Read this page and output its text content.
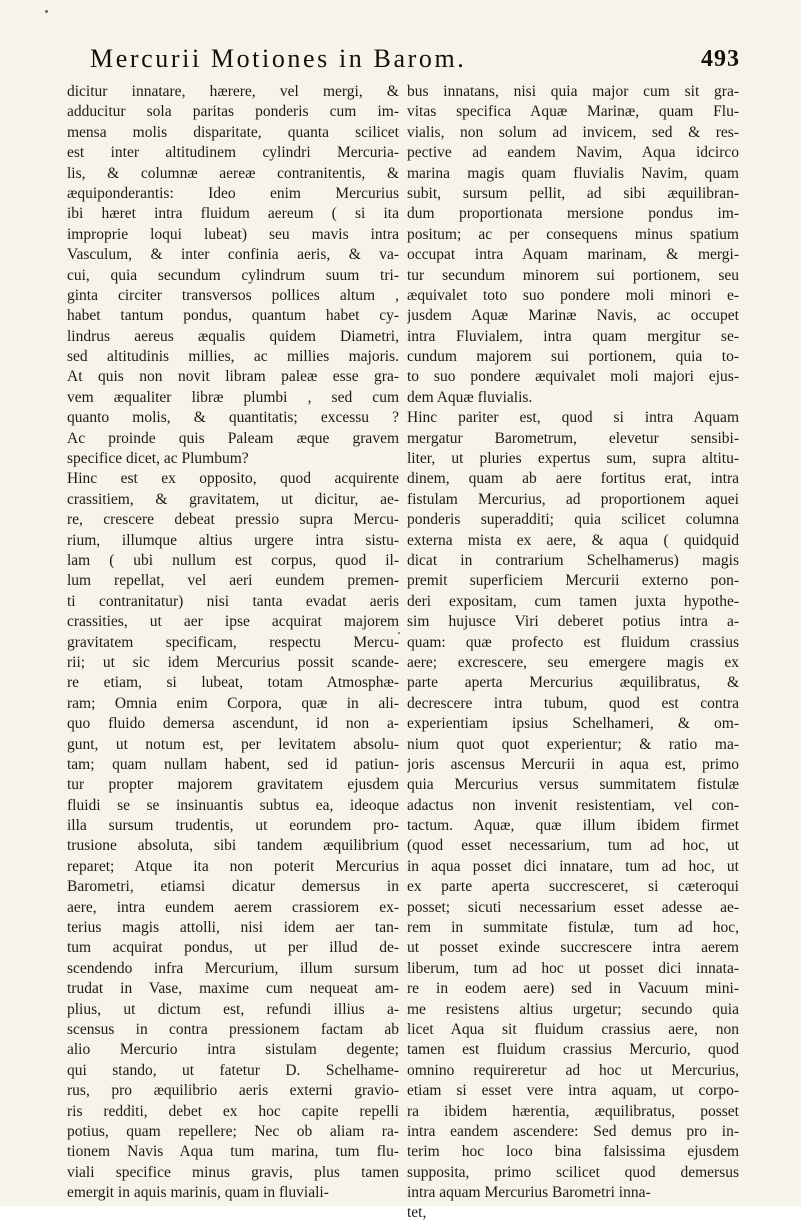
Mercurii Motiones in Barom.	493
dicitur innatare, hærere, vel mergi, &
adducitur sola paritas ponderis cum im-
mensa molis disparitate, quanta scilicet
est inter altitudinem cylindri Mercuria-
lis, & columnæ aereæ contranitentis, &
æquiponderantis: Ideo enim Mercurius
ibi hæret intra fluidum aereum ( si ita
improprie loqui lubeat) seu mavis intra
Vasculum, & inter confinia aeris, & va-
cui, quia secundum cylindrum suum tri-
ginta circiter transversos pollices altum ,
habet tantum pondus, quantum habet cy-
lindrus aereus æqualis quidem Diametri,
sed altitudinis millies, ac millies majoris.
At quis non novit libram paleæ esse gra-
vem æqualiter libræ plumbi , sed cum
quanto molis, & quantitatis; excessu ?
Ac proinde quis Paleam æque gravem
specifice dicet, ac Plumbum?
Hinc est ex opposito, quod acquirente
crassitiem, & gravitatem, ut dicitur, ae-
re, crescere debeat pressio supra Mercu-
rium, illumque altius urgere intra sistu-
lam ( ubi nullum est corpus, quod il-
lum repellat, vel aeri eundem premen-
ti contranitatur) nisi tanta evadat aeris
crassities, ut aer ipse acquirat majorem
gravitatem specificam, respectu Mercu-
rii; ut sic idem Mercurius possit scande-
re etiam, si lubeat, totam Atmosphæ-
ram; Omnia enim Corpora, quæ in ali-
quo fluido demersa ascendunt, id non a-
gunt, ut notum est, per levitatem absolu-
tam; quam nullam habent, sed id patiun-
tur propter majorem gravitatem ejusdem
fluidi se se insinuantis subtus ea, ideoque
illa sursum trudentis, ut eorundem pro-
trusione absoluta, sibi tandem æquilibrium
reparet; Atque ita non poterit Mercurius
Barometri, etiamsi dicatur demersus in
aere, intra eundem aerem crassiorem ex-
terius magis attolli, nisi idem aer tan-
tum acquirat pondus, ut per illud de-
scendendo infra Mercurium, illum sursum
trudat in Vase, maxime cum nequeat am-
plius, ut dictum est, refundi illius a-
scensus in contra pressionem factam ab
alio Mercurio intra sistulam degente;
qui stando, ut fatetur D. Schelhame-
rus, pro æquilibrio aeris externi gravio-
ris redditi, debet ex hoc capite repelli
potius, quam repellere; Nec ob aliam ra-
tionem Navis Aqua tum marina, tum flu-
viali specifice minus gravis, plus tamen
emergit in aquis marinis, quam in fluviali-
bus innatans, nisi quia major cum sit gra-
vitas specifica Aquæ Marinæ, quam Flu-
vialis, non solum ad invicem, sed & res-
pective ad eandem Navim, Aqua idcirco
marina magis quam fluvialis Navim, quam
subit, sursum pellit, ad sibi æquilibran-
dum proportionata mersione pondus im-
positum; ac per consequens minus spatium
occupat intra Aquam marinam, & mergi-
tur secundum minorem sui portionem, seu
æquivalet toto suo pondere moli minori e-
jusdem Aquæ Marinæ Navis, ac occupet
intra Fluvialem, intra quam mergitur se-
cundum majorem sui portionem, quia to-
to suo pondere æquivalet moli majori ejus-
dem Aquæ fluvialis.
Hinc pariter est, quod si intra Aquam
mergatur Barometrum, elevetur sensibi-
liter, ut pluries expertus sum, supra altitu-
dinem, quam ab aere fortitus erat, intra
fistulam Mercurius, ad proportionem aquei
ponderis superadditi; quia scilicet columna
externa mista ex aere, & aqua ( quidquid
dicat in contrarium Schelhamerus) magis
premit superficiem Mercurii externo pon-
deri expositam, cum tamen juxta hypothe-
sim hujusce Viri deberet potius intra a-
quam: quæ profecto est fluidum crassius
aere; excrescere, seu emergere magis ex
parte aperta Mercurius æquilibratus, &
decrescere intra tubum, quod est contra
experientiam ipsius Schelhameri, & om-
nium quot quot experientur; & ratio ma-
joris ascensus Mercurii in aqua est, primo
quia Mercurius versus summitatem fistulæ
adactus non invenit resistentiam, vel con-
tactum. Aquæ, quæ illum ibidem firmet
(quod esset necessarium, tum ad hoc, ut
in aqua posset dici innatare, tum ad hoc, ut
ex parte aperta succresceret, si cæteroqui
posset; sicuti necessarium esset adesse ae-
rem in summitate fistulæ, tum ad hoc,
ut posset exinde succrescere intra aerem
liberum, tum ad hoc ut posset dici innata-
re in eodem aere) sed in Vacuum mini-
me resistens altius urgetur; secundo quia
licet Aqua sit fluidum crassius aere, non
tamen est fluidum crassius Mercurio, quod
omnino requireretur ad hoc ut Mercurius,
etiam si esset vere intra aquam, ut corpo-
ra ibidem hærentia, æquilibratus, posset
intra eandem ascendere: Sed demus pro in-
terim hoc loco bina falsissima ejusdem
supposita, primo scilicet quod demersus
intra aquam Mercurius Barometri inna-
tet,
